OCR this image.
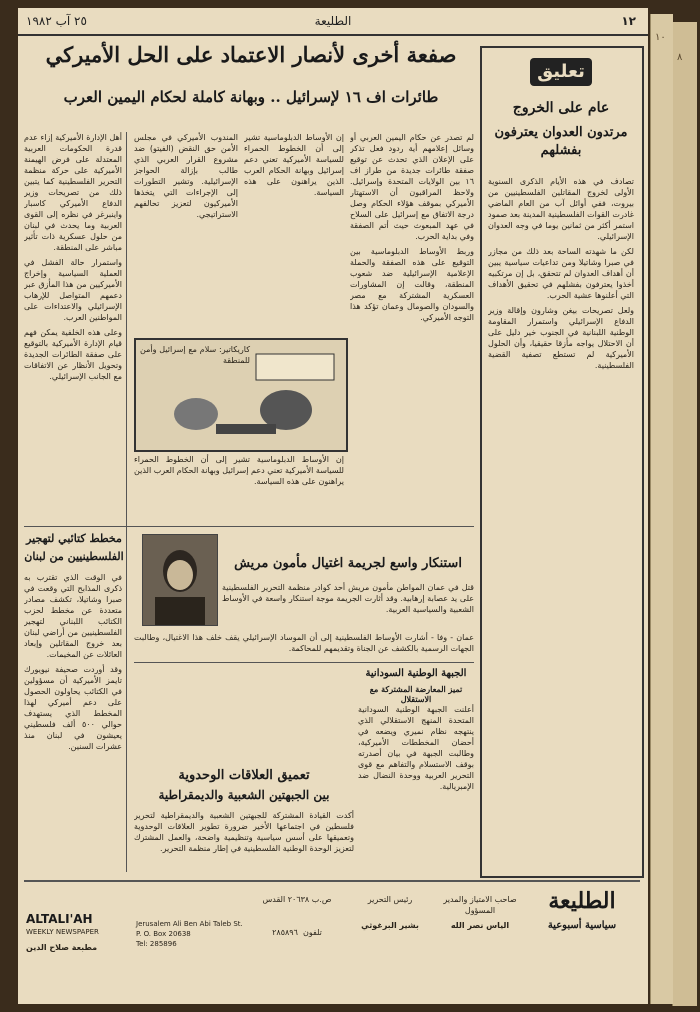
٨
١٠
١٢
الطليعة
٢٥ آب ١٩٨٢
تعليق
عام على الخروج
مرتدون العدوان يعترفون بفشلهم

تصادف في هذه الأيام الذكرى السنوية الأولى لخروج المقاتلين الفلسطينيين من بيروت، ففي أوائل آب من العام الماضي غادرت القوات الفلسطينية المدينة بعد صمود استمر أكثر من ثمانين يوما في وجه العدوان الإسرائيلي.

لكن ما شهدته الساحة بعد ذلك من مجازر في صبرا وشاتيلا ومن تداعيات سياسية يبين أن أهداف العدوان لم تتحقق، بل إن مرتكبيه أخذوا يعترفون بفشلهم في تحقيق الأهداف التي أعلنوها عشية الحرب.

ولعل تصريحات بيغن وشارون وإقالة وزير الدفاع الإسرائيلي واستمرار المقاومة الوطنية اللبنانية في الجنوب خير دليل على أن الاحتلال يواجه مأزقا حقيقيا، وأن الحلول الأميركية لم تستطع تصفية القضية الفلسطينية.

صفعة أخرى لأنصار الاعتماد على الحل الأميركي
طائرات اف ١٦ لإسرائيل .. وبهانة كاملة لحكام اليمين العرب

لم تصدر عن حكام اليمين العربي أو وسائل إعلامهم أية ردود فعل تذكر على الإعلان الذي تحدث عن توقيع صفقة طائرات جديدة من طراز اف ١٦ بين الولايات المتحدة وإسرائيل. ولاحظ المراقبون أن الاستهتار الأميركي بموقف هؤلاء الحكام وصل درجة الاتفاق مع إسرائيل على السلاح في عهد المبعوث حيث أتم الصفقة وفي بداية الحرب.

وربط الأوساط الدبلوماسية بين التوقيع على هذه الصفقة والحملة الإعلامية الإسرائيلية ضد شعوب المنطقة، وقالت إن المشاورات العسكرية المشتركة مع مصر والسودان والصومال وعمان تؤكد هذا التوجه الأميركي.

إن الأوساط الدبلوماسية تشير إلى أن الخطوط الحمراء للسياسة الأميركية تعني دعم إسرائيل وبهانة الحكام العرب الذين يراهنون على هذه السياسة.

المندوب الأميركي في مجلس الأمن حق النقض (الفيتو) ضد مشروع القرار العربي الذي طالب بإزالة الحواجز الإسرائيلية. وتشير التطورات إلى الإجراءات التي يتخذها الأميركيون لتعزيز تحالفهم الاستراتيجي.

كاريكاتير: سلام مع إسرائيل وأمن للمنطقة

إن الأوساط الدبلوماسية تشير إلى أن الخطوط الحمراء للسياسة الأميركية تعني دعم إسرائيل وبهانة الحكام العرب الذين يراهنون على هذه السياسة.

أهل الإدارة الأميركية إزاء عدم قدرة الحكومات العربية المعتدلة على فرض الهيمنة الأميركية على حركة منظمة التحرير الفلسطينية كما يتبين ذلك من تصريحات وزير الدفاع الأميركي كاسبار واينبرغر في نظره إلى القوى العربية وما يحدث في لبنان من حلول عسكرية ذات تأثير مباشر على المنطقة.

واستمرار حالة الفشل في العملية السياسية وإخراج الأميركيين من هذا المأزق عبر دعمهم المتواصل للإرهاب الإسرائيلي والاعتداءات على المواطنين العرب.

وعلى هذه الخلفية يمكن فهم قيام الإدارة الأميركية بالتوقيع على صفقة الطائرات الجديدة وتحويل الأنظار عن الاتفاقات مع الجانب الإسرائيلي.

مخطط كتائبي لتهجير
الفلسطينيين من لبنان

في الوقت الذي تقترب به ذكرى المذابح التي وقعت في صبرا وشاتيلا، تكشف مصادر متعددة عن مخطط لحزب الكتائب اللبناني لتهجير الفلسطينيين من أراضي لبنان بعد خروج المقاتلين وإبعاد العائلات عن المخيمات.

وقد أوردت صحيفة نيويورك تايمز الأميركية أن مسؤولين في الكتائب يحاولون الحصول على دعم أميركي لهذا المخطط الذي يستهدف حوالي ٥٠٠ ألف فلسطيني يعيشون في لبنان منذ عشرات السنين.

استنكار واسع لجريمة اغتيال مأمون مريش

قتل في عمان المواطن مأمون مريش أحد كوادر منظمة التحرير الفلسطينية على يد عصابة إرهابية. وقد أثارت الجريمة موجة استنكار واسعة في الأوساط الشعبية والسياسية العربية.

عمان - وفا - أشارت الأوساط الفلسطينية إلى أن الموساد الإسرائيلي يقف خلف هذا الاغتيال، وطالبت الجهات الرسمية بالكشف عن الجناة وتقديمهم للمحاكمة.

الجبهة الوطنية السودانية
تميز المعارضة المشتركة مع الاستقلال

أعلنت الجبهة الوطنية السودانية المتحدة المنهج الاستقلالي الذي ينتهجه نظام نميري ويضعه في أحضان المخططات الأميركية، وطالبت الجبهة في بيان أصدرته بوقف الاستسلام والتفاهم مع قوى التحرير العربية ووحدة النضال ضد الإمبريالية.

تعميق العلاقات الوحدوية
بين الجبهتين الشعبية والديمقراطية

أكدت القيادة المشتركة للجبهتين الشعبية والديمقراطية لتحرير فلسطين في اجتماعها الأخير ضرورة تطوير العلاقات الوحدوية وتعميقها على أسس سياسية وتنظيمية واضحة، والعمل المشترك لتعزيز الوحدة الوطنية الفلسطينية في إطار منظمة التحرير.

الطليعة
سياسية أسبوعية
صاحب الامتياز والمدير المسؤول
الياس نصر الله
رئيس التحرير
بشير البرغوثي
ص.ب ٢٠٦٣٨ القدس
تلفون ٢٨٥٨٩٦
Jerusalem Ali Ben Abi Taleb St.
P. O. Box 20638
Tel: 285896
ALTALI'AH
WEEKLY NEWSPAPER
مطبعة صلاح الدين
